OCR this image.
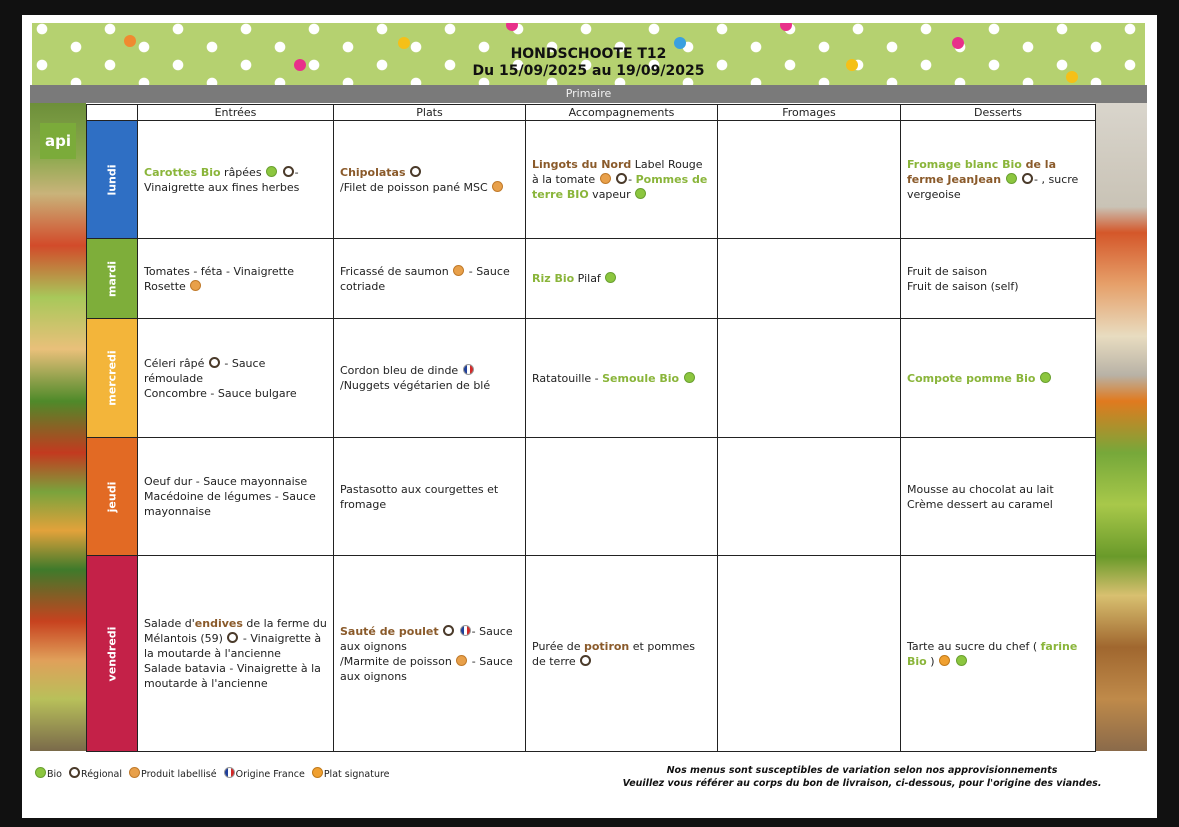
HONDSCHOOTE T12
Du 15/09/2025 au 19/09/2025
Primaire
api
	Entrées	Plats	Accompagnements	Fromages	Desserts

lundi	Carottes Bio râpées -
Vinaigrette aux fines herbes	Chipolatas
/Filet de poisson pané MSC	Lingots du Nord Label Rouge à la tomate - Pommes de terre BIO vapeur		Fromage blanc Bio de la ferme JeanJean - , sucre vergeoise

mardi	Tomates - féta - Vinaigrette Rosette	Fricassé de saumon  - Sauce cotriade	Riz Bio Pilaf		Fruit de saison
Fruit de saison (self)

mercredi	Céleri râpé  - Sauce rémoulade
Concombre - Sauce bulgare	Cordon bleu de dinde
/Nuggets végétarien de blé	Ratatouille - Semoule Bio		Compote pomme Bio

jeudi	Oeuf dur - Sauce mayonnaise
Macédoine de légumes - Sauce mayonnaise	Pastasotto aux courgettes et fromage			Mousse au chocolat au lait
Crème dessert au caramel

vendredi	Salade d'endives de la ferme du Mélantois (59)  - Vinaigrette à la moutarde à l'ancienne
Salade batavia - Vinaigrette à la moutarde à l'ancienne	Sauté de poulet - Sauce aux oignons
/Marmite de poisson  - Sauce aux oignons	Purée de potiron et pommes de terre		Tarte au sucre du chef ( farine Bio )
Bio Régional Produit labellisé Origine France Plat signature	Nos menus sont susceptibles de variation selon nos approvisionnements
Veuillez vous référer au corps du bon de livraison, ci-dessous, pour l'origine des viandes.
